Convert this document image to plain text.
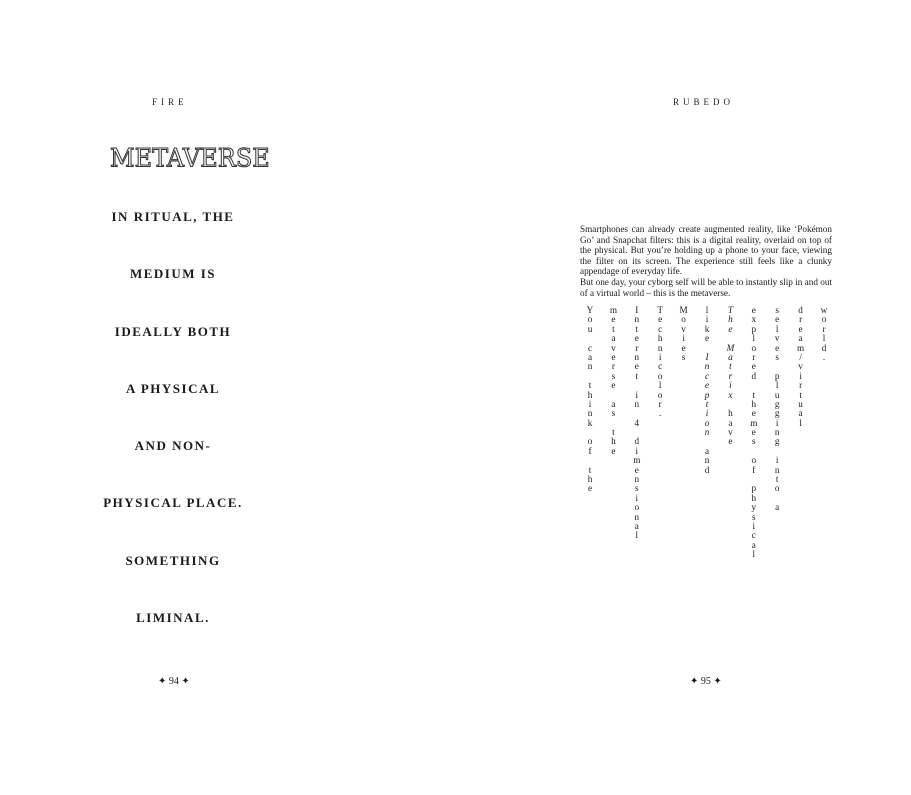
FIRE
METAVERSE
IN RITUAL, THE
MEDIUM IS
IDEALLY BOTH
A PHYSICAL
AND NON-
PHYSICAL PLACE.
SOMETHING
LIMINAL.
✦ 94 ✦
RUBEDO

Smartphones can already create augmented reality, like ‘Pokémon Go’ and Snapchat filters: this is a digital reality, overlaid on top of the physical. But you’re holding up a phone to your face, viewing the filter on its screen. The experience still feels like a clunky appendage of everyday life.

But one day, your cyborg self will be able to instantly slip in and out of a virtual world – this is the metaverse.

Y
o
u
c
a
n
t
h
i
n
k
o
f
t
h
e
m
e
t
a
v
e
r
s
e
a
s
t
h
e
I
n
t
e
r
n
e
t
i
n
4
d
i
m
e
n
s
i
o
n
a
l
T
e
c
h
n
i
c
o
l
o
r
.
M
o
v
i
e
s
l
i
k
e
I
n
c
e
p
t
i
o
n
a
n
d
T
h
e
M
a
t
r
i
x
h
a
v
e
e
x
p
l
o
r
e
d
t
h
e
m
e
s
o
f
p
h
y
s
i
c
a
l
s
e
l
v
e
s
p
l
u
g
g
i
n
g
i
n
t
o
a
d
r
e
a
m
/
v
i
r
t
u
a
l
w
o
r
l
d
.
✦ 95 ✦
